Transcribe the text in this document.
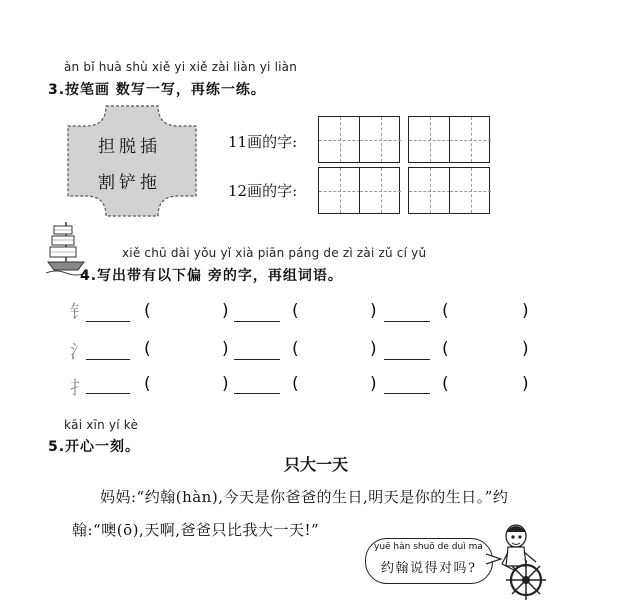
àn bǐ huà shù xiě yi xiě zài liàn yi liàn
3.按笔画 数写一写，再练一练。
担脱插
割铲拖
11画的字:
12画的字:
xiě chū dài yǒu yǐ xià piān páng de zì zài zǔ cí yǔ
4.写出带有以下偏 旁的字，再组词语。
钅	(	)	(	)	(	)
氵	(	)	(	)	(	)
扌	(	)	(	)	(	)
kāi xīn yí kè
5.开心一刻。
只大一天
妈妈:“约翰(hàn),今天是你爸爸的生日,明天是你的生日。”约
翰:“噢(ō),天啊,爸爸只比我大一天!”
yuē hàn shuō de duì ma
约翰说得对吗?
